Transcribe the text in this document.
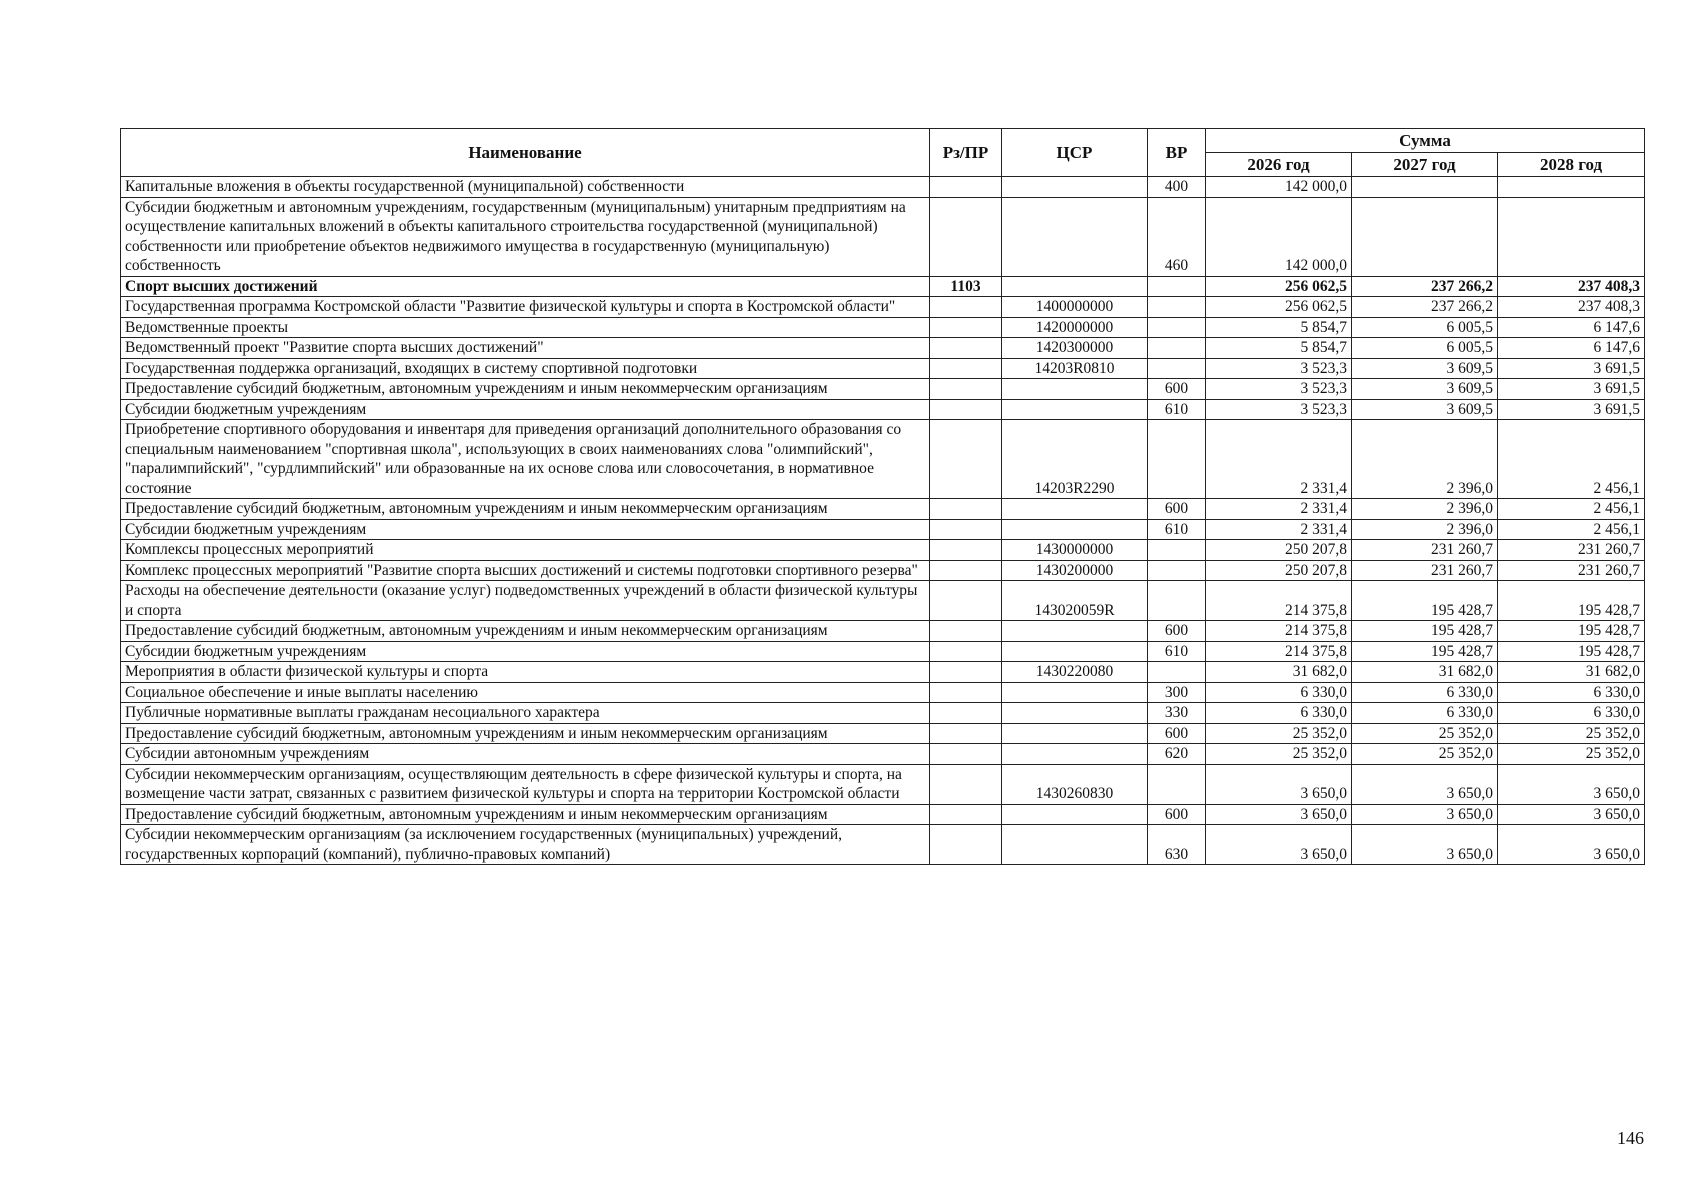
Наименование	Рз/ПР	ЦСР	ВР	Сумма		
				2026 год	2027 год	2028 год
Капитальные вложения в объекты государственной (муниципальной) собственности			400	142 000,0		
Субсидии бюджетным и автономным учреждениям, государственным (муниципальным) унитарным предприятиям на осуществление капитальных вложений в объекты капитального строительства государственной (муниципальной) собственности или приобретение объектов недвижимого имущества в государственную (муниципальную) собственность			460	142 000,0		
Спорт высших достижений	1103			256 062,5	237 266,2	237 408,3
Государственная программа Костромской области "Развитие физической культуры и спорта в Костромской области"		1400000000		256 062,5	237 266,2	237 408,3
Ведомственные проекты		1420000000		5 854,7	6 005,5	6 147,6
Ведомственный проект "Развитие спорта высших достижений"		1420300000		5 854,7	6 005,5	6 147,6
Государственная поддержка организаций, входящих в систему спортивной подготовки		14203R0810		3 523,3	3 609,5	3 691,5
Предоставление субсидий бюджетным, автономным учреждениям и иным некоммерческим организациям			600	3 523,3	3 609,5	3 691,5
Субсидии бюджетным учреждениям			610	3 523,3	3 609,5	3 691,5
Приобретение спортивного оборудования и инвентаря для приведения организаций дополнительного образования со специальным наименованием "спортивная школа", использующих в своих наименованиях слова "олимпийский", "паралимпийский", "сурдлимпийский" или образованные на их основе слова или словосочетания, в нормативное состояние		14203R2290		2 331,4	2 396,0	2 456,1
Предоставление субсидий бюджетным, автономным учреждениям и иным некоммерческим организациям			600	2 331,4	2 396,0	2 456,1
Субсидии бюджетным учреждениям			610	2 331,4	2 396,0	2 456,1
Комплексы процессных мероприятий		1430000000		250 207,8	231 260,7	231 260,7
Комплекс процессных мероприятий "Развитие спорта высших достижений и системы подготовки спортивного резерва"		1430200000		250 207,8	231 260,7	231 260,7
Расходы на обеспечение деятельности (оказание услуг) подведомственных учреждений в области физической культуры и спорта		143020059R		214 375,8	195 428,7	195 428,7
Предоставление субсидий бюджетным, автономным учреждениям и иным некоммерческим организациям			600	214 375,8	195 428,7	195 428,7
Субсидии бюджетным учреждениям			610	214 375,8	195 428,7	195 428,7
Мероприятия в области физической культуры и спорта		1430220080		31 682,0	31 682,0	31 682,0
Социальное обеспечение и иные выплаты населению			300	6 330,0	6 330,0	6 330,0
Публичные нормативные выплаты гражданам несоциального характера			330	6 330,0	6 330,0	6 330,0
Предоставление субсидий бюджетным, автономным учреждениям и иным некоммерческим организациям			600	25 352,0	25 352,0	25 352,0
Субсидии автономным учреждениям			620	25 352,0	25 352,0	25 352,0
Субсидии некоммерческим организациям, осуществляющим деятельность в сфере физической культуры и спорта, на возмещение части затрат, связанных с развитием физической культуры и спорта на территории Костромской области		1430260830		3 650,0	3 650,0	3 650,0
Предоставление субсидий бюджетным, автономным учреждениям и иным некоммерческим организациям			600	3 650,0	3 650,0	3 650,0
Субсидии некоммерческим организациям (за исключением государственных (муниципальных) учреждений, государственных корпораций (компаний), публично-правовых компаний)			630	3 650,0	3 650,0	3 650,0
146
